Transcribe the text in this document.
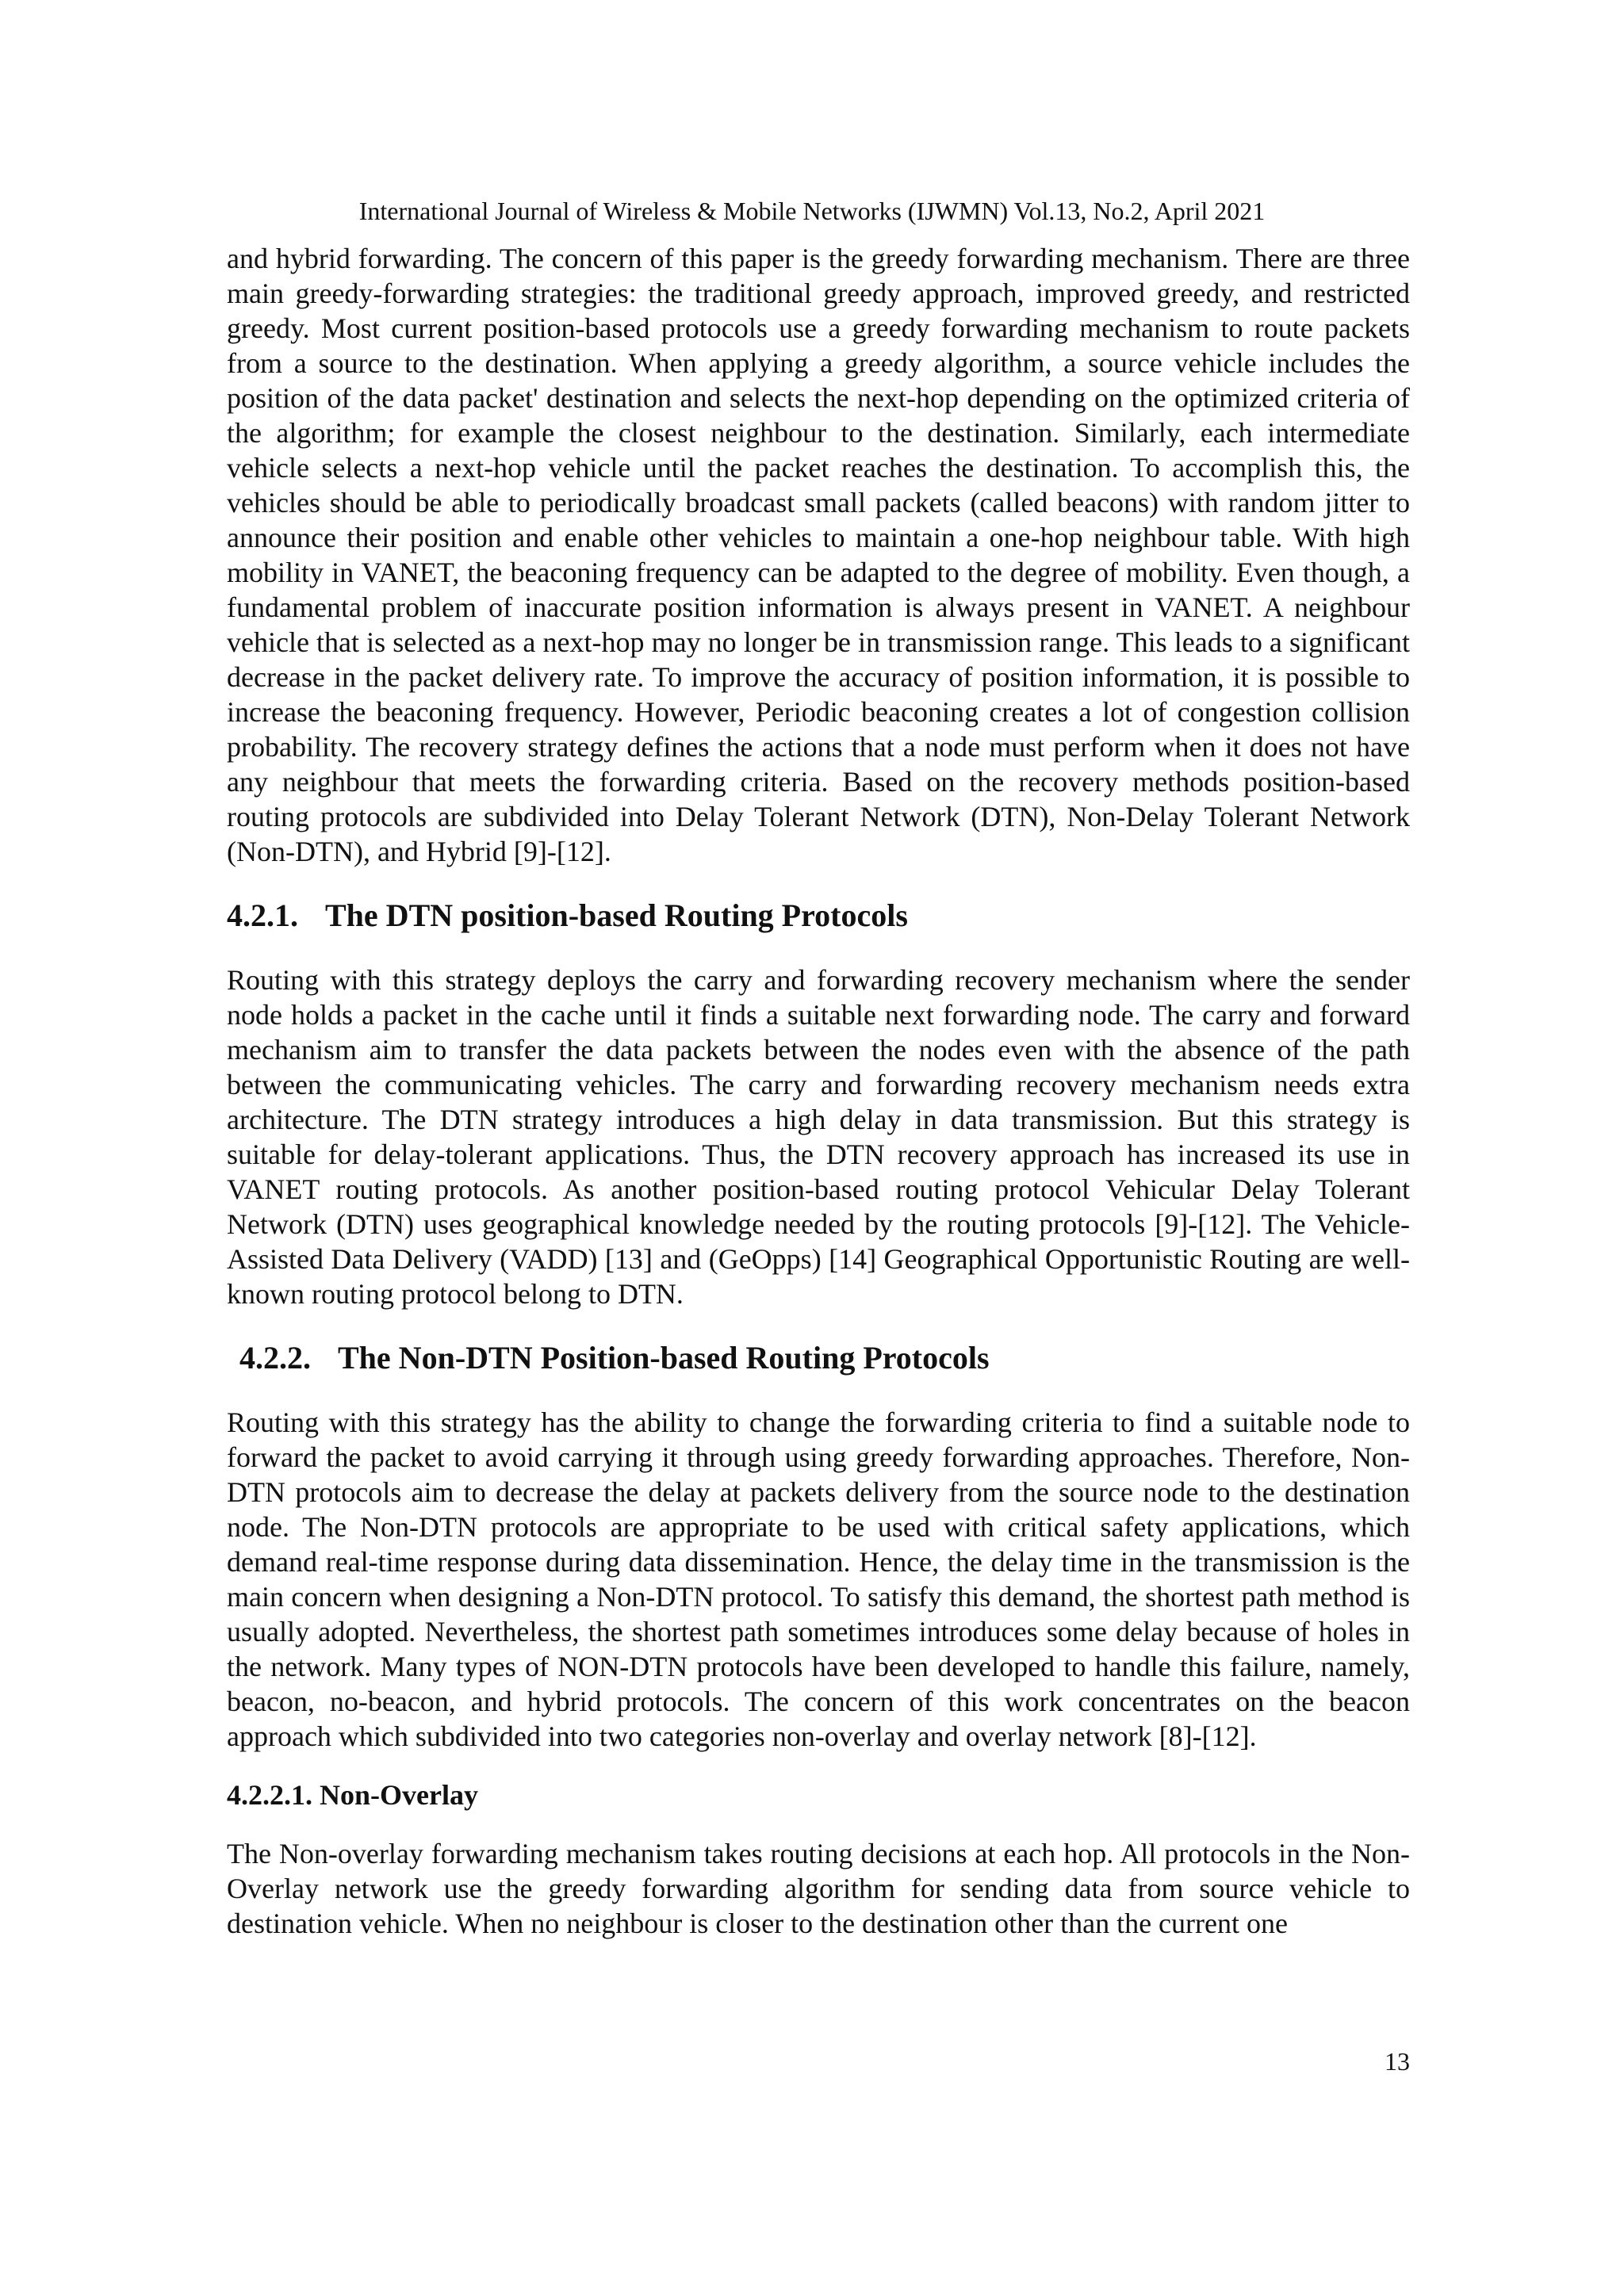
International Journal of Wireless & Mobile Networks (IJWMN) Vol.13, No.2, April 2021

and hybrid forwarding. The concern of this paper is the greedy forwarding mechanism. There are three main greedy-forwarding strategies: the traditional greedy approach, improved greedy, and restricted greedy. Most current position-based protocols use a greedy forwarding mechanism to route packets from a source to the destination. When applying a greedy algorithm, a source vehicle includes the position of the data packet' destination and selects the next-hop depending on the optimized criteria of the algorithm; for example the closest neighbour to the destination. Similarly, each intermediate vehicle selects a next-hop vehicle until the packet reaches the destination. To accomplish this, the vehicles should be able to periodically broadcast small packets (called beacons) with random jitter to announce their position and enable other vehicles to maintain a one-hop neighbour table. With high mobility in VANET, the beaconing frequency can be adapted to the degree of mobility. Even though, a fundamental problem of inaccurate position information is always present in VANET. A neighbour vehicle that is selected as a next-hop may no longer be in transmission range. This leads to a significant decrease in the packet delivery rate. To improve the accuracy of position information, it is possible to increase the beaconing frequency. However, Periodic beaconing creates a lot of congestion collision probability. The recovery strategy defines the actions that a node must perform when it does not have any neighbour that meets the forwarding criteria. Based on the recovery methods position-based routing protocols are subdivided into Delay Tolerant Network (DTN), Non-Delay Tolerant Network (Non-DTN), and Hybrid [9]-[12].

4.2.1. The DTN position-based Routing Protocols

Routing with this strategy deploys the carry and forwarding recovery mechanism where the sender node holds a packet in the cache until it finds a suitable next forwarding node. The carry and forward mechanism aim to transfer the data packets between the nodes even with the absence of the path between the communicating vehicles. The carry and forwarding recovery mechanism needs extra architecture. The DTN strategy introduces a high delay in data transmission. But this strategy is suitable for delay-tolerant applications. Thus, the DTN recovery approach has increased its use in VANET routing protocols. As another position-based routing protocol Vehicular Delay Tolerant Network (DTN) uses geographical knowledge needed by the routing protocols [9]-[12]. The Vehicle-Assisted Data Delivery (VADD) [13] and (GeOpps) [14] Geographical Opportunistic Routing are well-known routing protocol belong to DTN.

4.2.2. The Non-DTN Position-based Routing Protocols

Routing with this strategy has the ability to change the forwarding criteria to find a suitable node to forward the packet to avoid carrying it through using greedy forwarding approaches. Therefore, Non-DTN protocols aim to decrease the delay at packets delivery from the source node to the destination node. The Non-DTN protocols are appropriate to be used with critical safety applications, which demand real-time response during data dissemination. Hence, the delay time in the transmission is the main concern when designing a Non-DTN protocol. To satisfy this demand, the shortest path method is usually adopted. Nevertheless, the shortest path sometimes introduces some delay because of holes in the network. Many types of NON-DTN protocols have been developed to handle this failure, namely, beacon, no-beacon, and hybrid protocols. The concern of this work concentrates on the beacon approach which subdivided into two categories non-overlay and overlay network [8]-[12].

4.2.2.1. Non-Overlay

The Non-overlay forwarding mechanism takes routing decisions at each hop. All protocols in the Non-Overlay network use the greedy forwarding algorithm for sending data from source vehicle to destination vehicle. When no neighbour is closer to the destination other than the current one

13
